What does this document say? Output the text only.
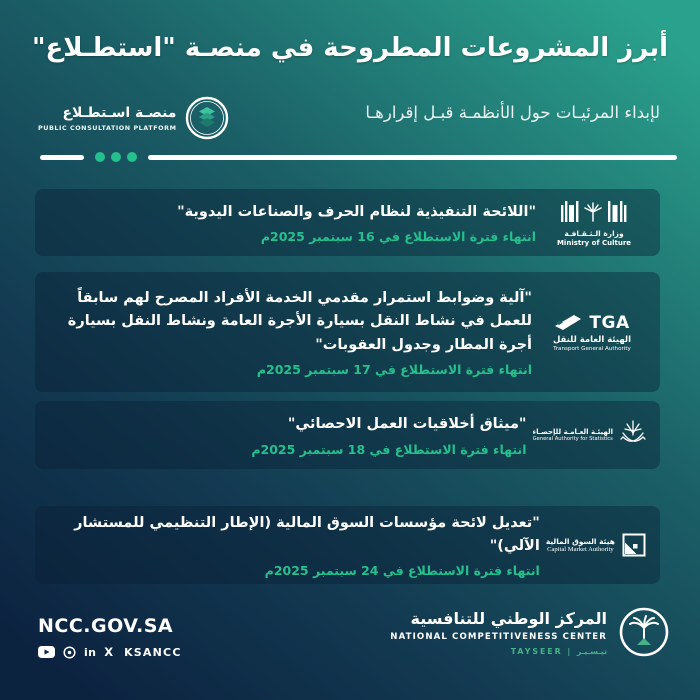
أبرز المشروعات المطروحة في منصـة "استطـلاع"
منصـة اسـتطـلاع
PUBLIC CONSULTATION PLATFORM
لإبداء المرئيـات حول الأنظمـة قبـل إقرارهـا
"اللائحة التنفيذية لنظام الحرف والصناعات اليدوية"
انتهاء فترة الاستطلاع في 16 سبتمبر 2025م	وزارة الـثـقـافـة
Ministry of Culture
"آلية وضوابط استمرار مقدمي الخدمة الأفراد المصرح لهم سابقاً للعمل في نشاط النقل بسيارة الأجرة العامة ونشاط النقل بسيارة أجرة المطار وجدول العقوبات"
انتهاء فترة الاستطلاع في 17 سبتمبر 2025م
TGA
الهيئة العامة للنقل
Transport General Authority
"ميثاق أخلاقيات العمل الاحصائي"
انتهاء فترة الاستطلاع في 18 سبتمبر 2025م
الهيئـة العـامـة للإحصـاء
General Authority for Statistics
"تعديل لائحة مؤسسات السوق المالية (الإطار التنظيمي للمستشار الآلي)"
انتهاء فترة الاستطلاع في 24 سبتمبر 2025م
هيئة السوق المالية
Capital Market Authority
NCC.GOV.SA
in X KSANCC
المركز الوطني للتنافسية
NATIONAL COMPETITIVENESS CENTER
TAYSEER | تيـسـيـر
